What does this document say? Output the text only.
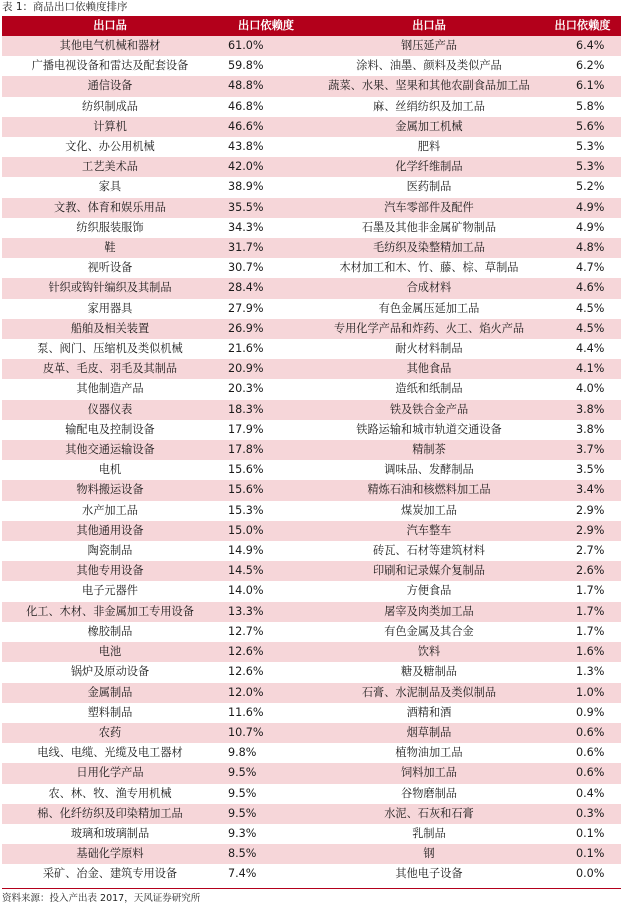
表 1：商品出口依赖度排序
出口品	出口依赖度	出口品	出口依赖度
其他电气机械和器材	61.0%	钢压延产品	6.4%
广播电视设备和雷达及配套设备	59.8%	涂料、油墨、颜料及类似产品	6.2%
通信设备	48.8%	蔬菜、水果、坚果和其他农副食品加工品	6.1%
纺织制成品	46.8%	麻、丝绢纺织及加工品	5.8%
计算机	46.6%	金属加工机械	5.6%
文化、办公用机械	43.8%	肥料	5.3%
工艺美术品	42.0%	化学纤维制品	5.3%
家具	38.9%	医药制品	5.2%
文教、体育和娱乐用品	35.5%	汽车零部件及配件	4.9%
纺织服装服饰	34.3%	石墨及其他非金属矿物制品	4.9%
鞋	31.7%	毛纺织及染整精加工品	4.8%
视听设备	30.7%	木材加工和木、竹、藤、棕、草制品	4.7%
针织或钩针编织及其制品	28.4%	合成材料	4.6%
家用器具	27.9%	有色金属压延加工品	4.5%
船舶及相关装置	26.9%	专用化学产品和炸药、火工、焰火产品	4.5%
泵、阀门、压缩机及类似机械	21.6%	耐火材料制品	4.4%
皮革、毛皮、羽毛及其制品	20.9%	其他食品	4.1%
其他制造产品	20.3%	造纸和纸制品	4.0%
仪器仪表	18.3%	铁及铁合金产品	3.8%
输配电及控制设备	17.9%	铁路运输和城市轨道交通设备	3.8%
其他交通运输设备	17.8%	精制茶	3.7%
电机	15.6%	调味品、发酵制品	3.5%
物料搬运设备	15.6%	精炼石油和核燃料加工品	3.4%
水产加工品	15.3%	煤炭加工品	2.9%
其他通用设备	15.0%	汽车整车	2.9%
陶瓷制品	14.9%	砖瓦、石材等建筑材料	2.7%
其他专用设备	14.5%	印刷和记录媒介复制品	2.6%
电子元器件	14.0%	方便食品	1.7%
化工、木材、非金属加工专用设备	13.3%	屠宰及肉类加工品	1.7%
橡胶制品	12.7%	有色金属及其合金	1.7%
电池	12.6%	饮料	1.6%
锅炉及原动设备	12.6%	糖及糖制品	1.3%
金属制品	12.0%	石膏、水泥制品及类似制品	1.0%
塑料制品	11.6%	酒精和酒	0.9%
农药	10.7%	烟草制品	0.6%
电线、电缆、光缆及电工器材	9.8%	植物油加工品	0.6%
日用化学产品	9.5%	饲料加工品	0.6%
农、林、牧、渔专用机械	9.5%	谷物磨制品	0.4%
棉、化纤纺织及印染精加工品	9.5%	水泥、石灰和石膏	0.3%
玻璃和玻璃制品	9.3%	乳制品	0.1%
基础化学原料	8.5%	钢	0.1%
采矿、冶金、建筑专用设备	7.4%	其他电子设备	0.0%
资料来源：投入产出表 2017，天风证券研究所
